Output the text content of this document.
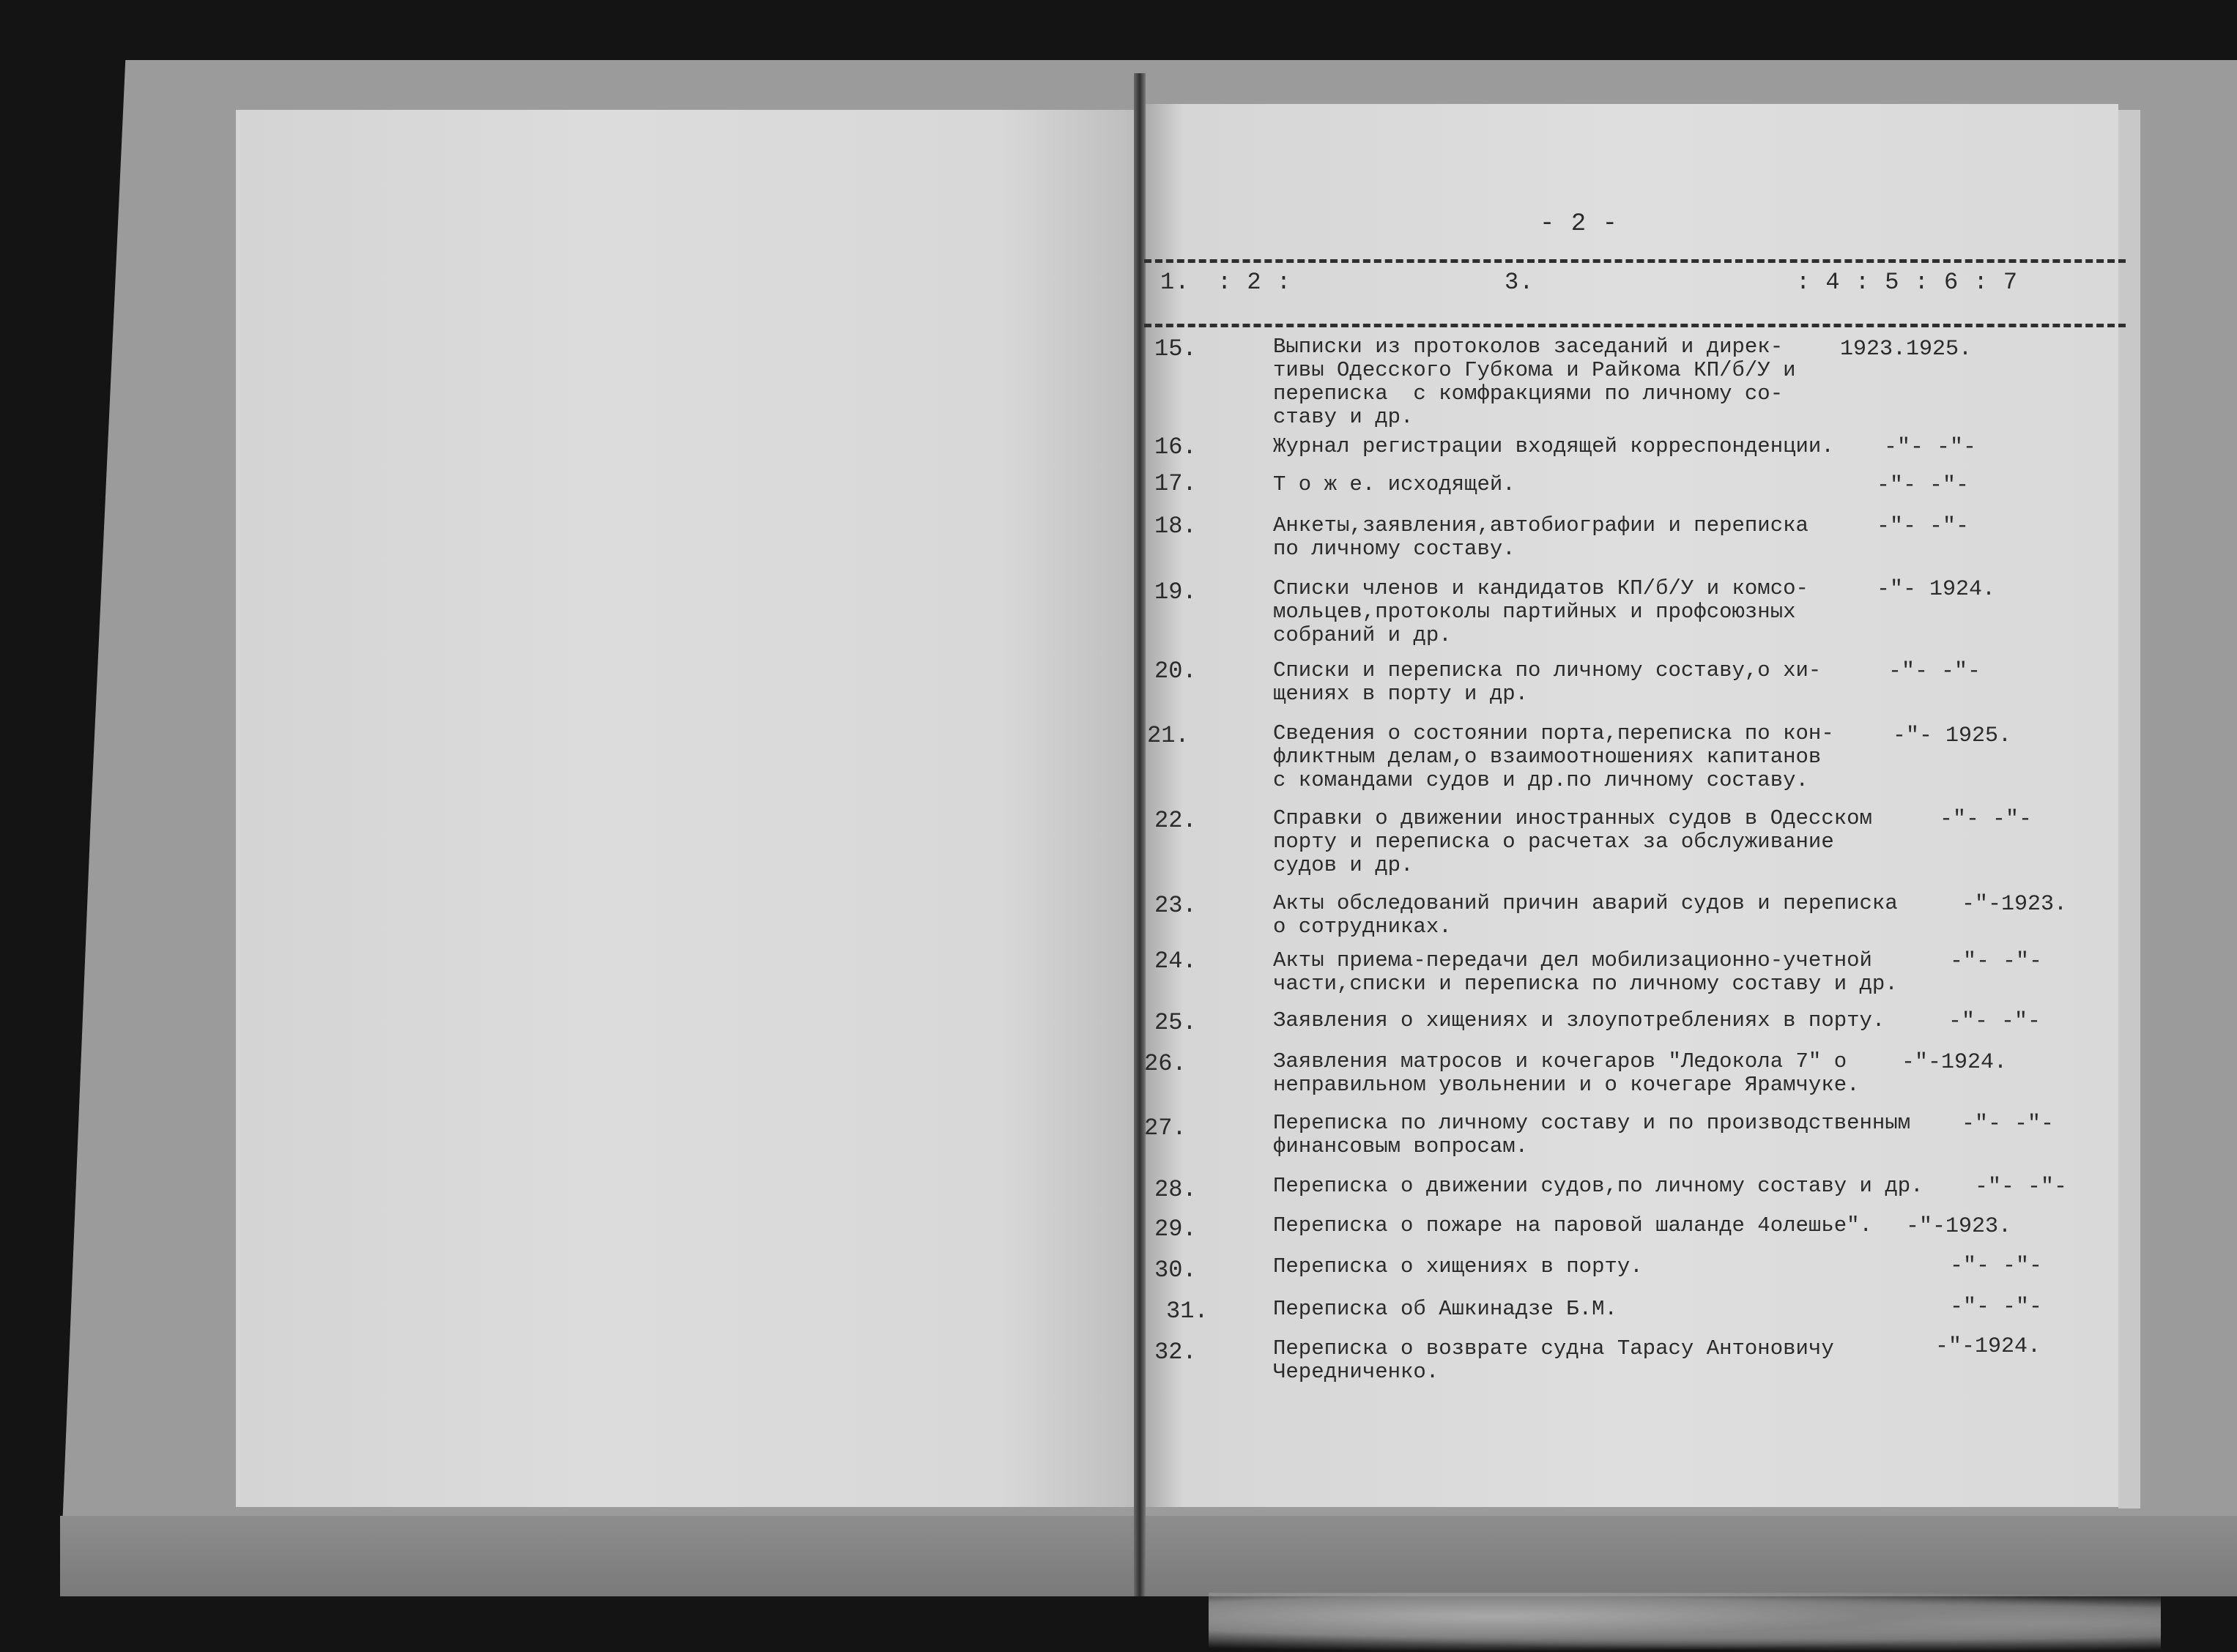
- 2 -
1. : 2 :	3.	: 4 : 5 : 6 : 7
15.	Выписки из протоколов заседаний и дирек-
тивы Одесского Губкома и Райкома КП/б/У и
переписка  с комфракциями по личному со-
ставу и др.
1923.1925.
16.	Журнал регистрации входящей корреспонденции. -"- -"-
17.	Т о ж е. исходящей.	-"- -"-
18.	Анкеты,заявления,автобиографии и переписка
по личному составу.
-"- -"-
19.	Списки членов и кандидатов КП/б/У и комсо-
мольцев,протоколы партийных и профсоюзных
собраний и др.
-"- 1924.
20.	Списки и переписка по личному составу,о хи-
щениях в порту и др.
-"- -"-
21.	Сведения о состоянии порта,переписка по кон-
фликтным делам,о взаимоотношениях капитанов
с командами судов и др.по личному составу.
-"- 1925.
22.	Справки о движении иностранных судов в Одесском
порту и переписка о расчетах за обслуживание
судов и др.
-"- -"-
23.	Акты обследований причин аварий судов и переписка
о сотрудниках.
-"-1923.
24.	Акты приема-передачи дел мобилизационно-учетной
части,списки и переписка по личному составу и др.
-"- -"-
25.	Заявления о хищениях и злоупотреблениях в порту.	-"- -"-
26.	Заявления матросов и кочегаров "Ледокола 7" о
неправильном увольнении и о кочегаре Ярамчуке.
-"-1924.
27.	Переписка по личному составу и по производственным
финансовым вопросам.
-"- -"-
28.	Переписка о движении судов,по личному составу и др. -"- -"-
29.	Переписка о пожаре на паровой шаланде 4олешье". -"-1923.
30.	Переписка о хищениях в порту.	-"- -"-
31.	Переписка об Ашкинадзе Б.М.	-"- -"-
32.	Переписка о возврате судна Тарасу Антоновичу
Чередниченко.
-"-1924.
